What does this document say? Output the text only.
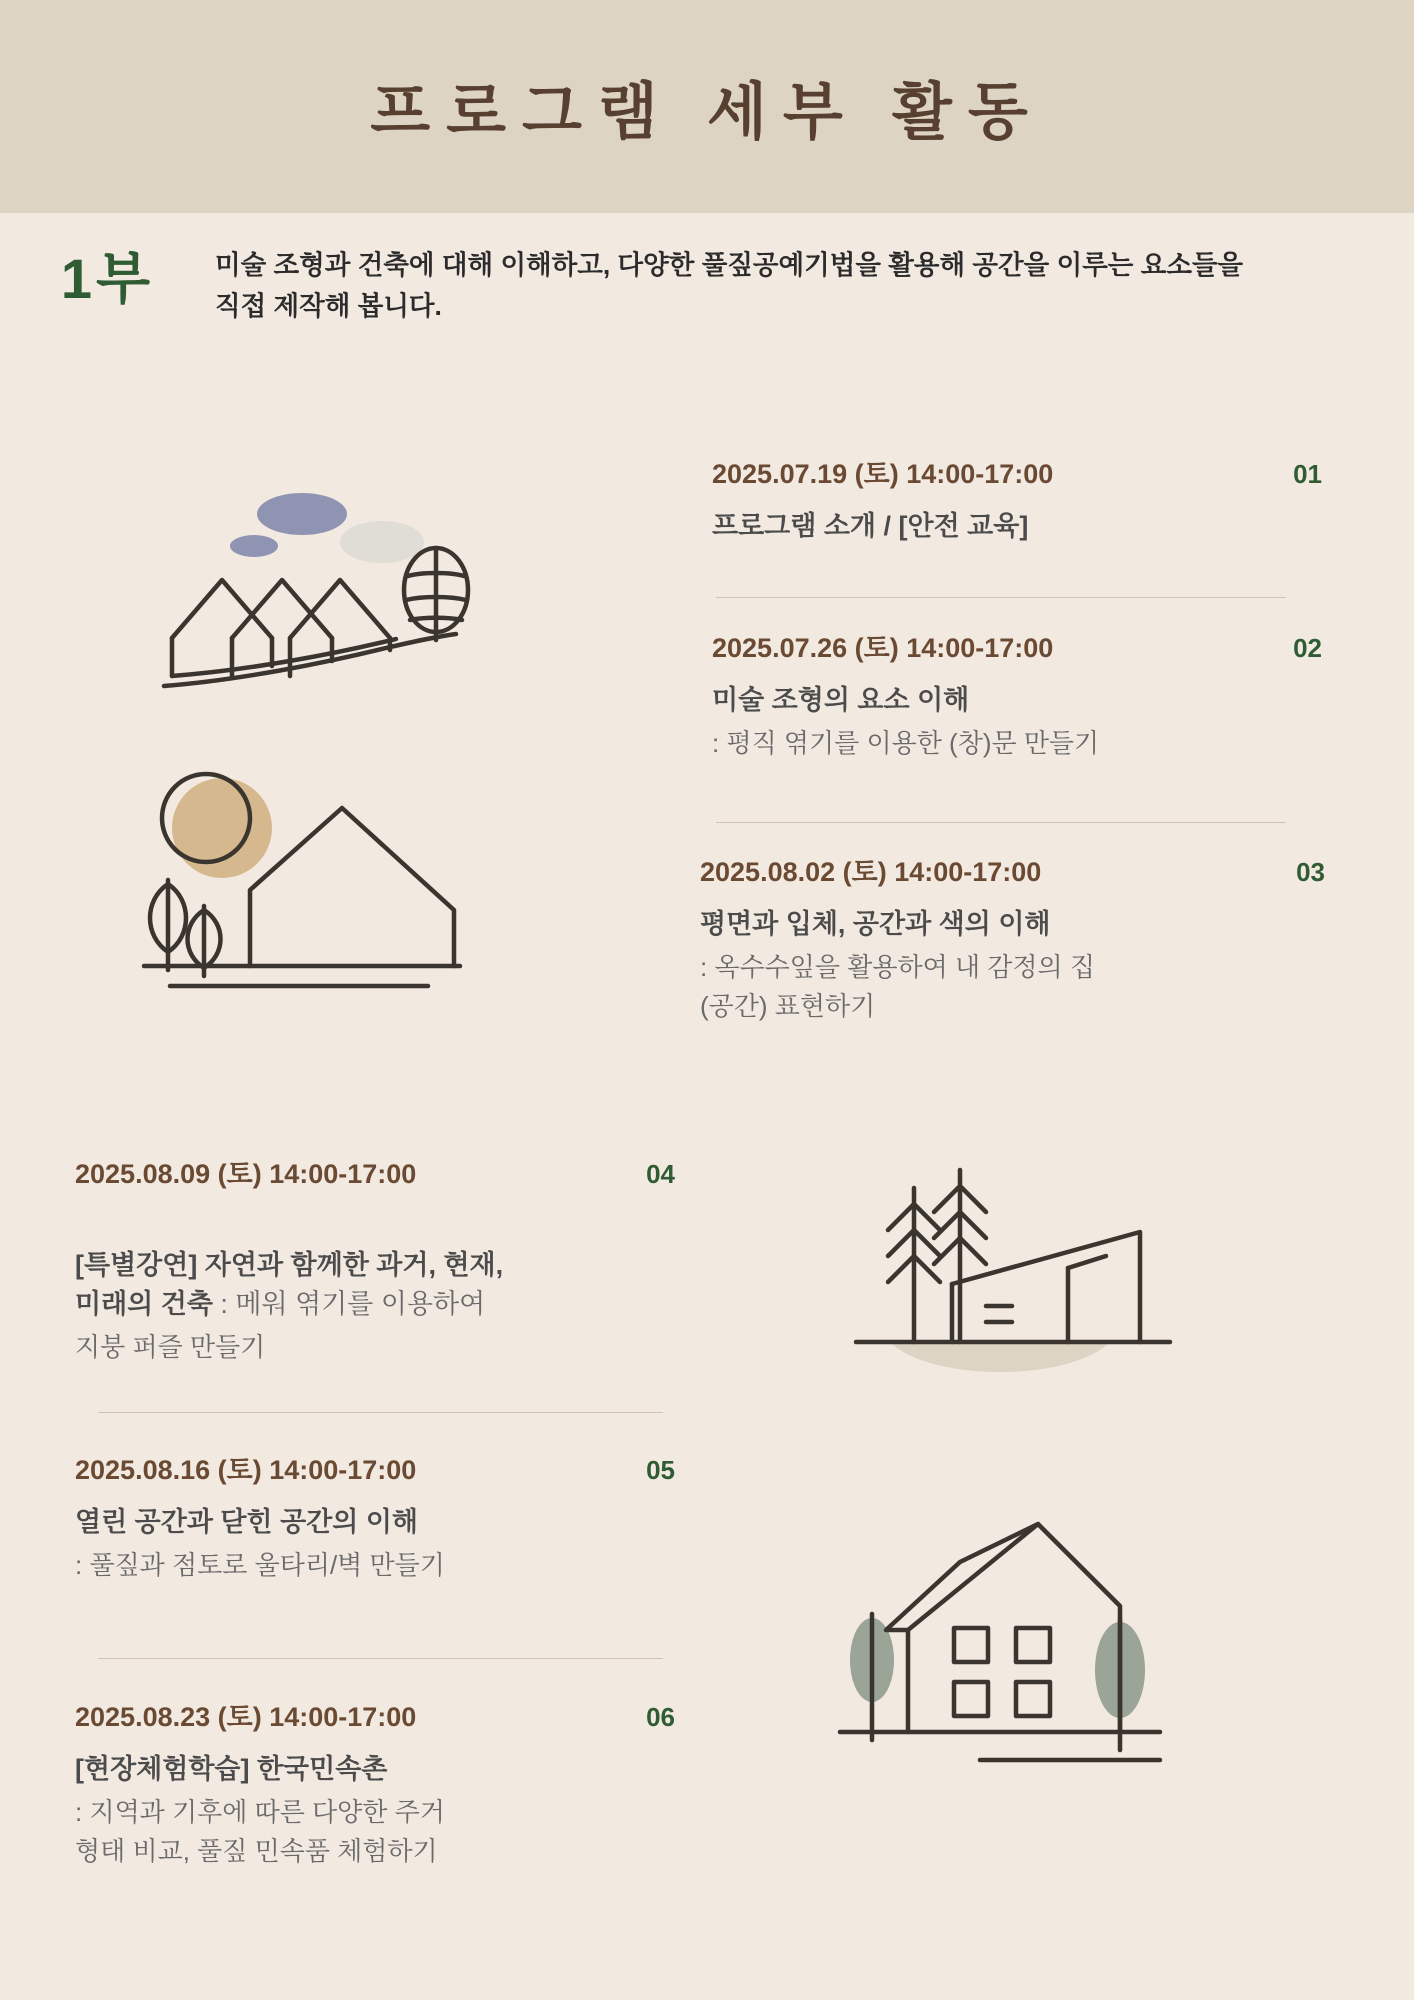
프로그램 세부 활동
1부	미술 조형과 건축에 대해 이해하고, 다양한 풀짚공예기법을 활용해 공간을 이루는 요소들을 직접 제작해 봅니다.
2025.07.19 (토) 14:00-17:00	01
프로그램 소개 / [안전 교육]
2025.07.26 (토) 14:00-17:00	02
미술 조형의 요소 이해
: 평직 엮기를 이용한 (창)문 만들기
2025.08.02 (토) 14:00-17:00	03
평면과 입체, 공간과 색의 이해
: 옥수수잎을 활용하여 내 감정의 집
(공간) 표현하기
2025.08.09 (토) 14:00-17:00	04

[특별강연] 자연과 함께한 과거, 현재,
미래의 건축 : 메워 엮기를 이용하여

지붕 퍼즐 만들기
2025.08.16 (토) 14:00-17:00	05
열린 공간과 닫힌 공간의 이해
: 풀짚과 점토로 울타리/벽 만들기
2025.08.23 (토) 14:00-17:00	06
[현장체험학습] 한국민속촌
: 지역과 기후에 따른 다양한 주거
형태 비교, 풀짚 민속품 체험하기
